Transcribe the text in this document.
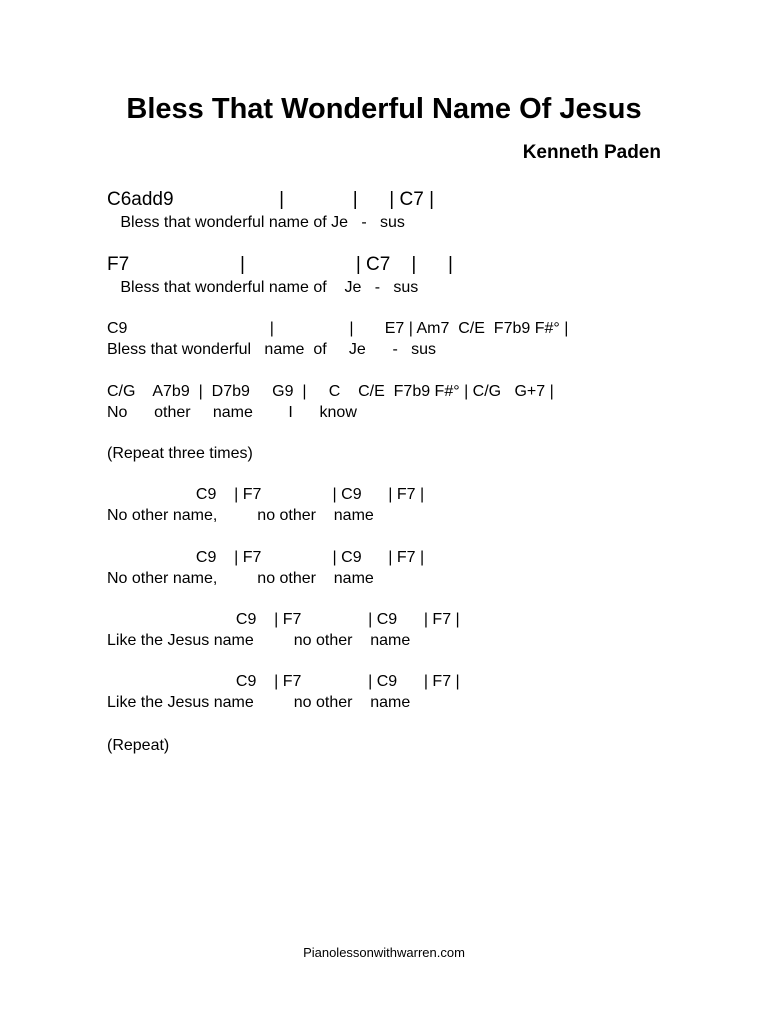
Bless That Wonderful Name Of Jesus
Kenneth Paden
C6add9                    |             |      | C7 |
Bless that wonderful name of Je   -   sus
F7                     |                     | C7    |      |
Bless that wonderful name of    Je   -   sus
C9                                |                 |       E7 | Am7  C/E  F7b9 F#° |
Bless that wonderful   name  of     Je      -   sus
C/G    A7b9  |  D7b9     G9  |     C    C/E  F7b9 F#° | C/G   G+7 |
No      other     name        I      know
(Repeat three times)
C9    | F7                | C9      | F7 |
No other name,         no other    name
C9    | F7                | C9      | F7 |
No other name,         no other    name
C9    | F7               | C9      | F7 |
Like the Jesus name         no other    name
C9    | F7               | C9      | F7 |
Like the Jesus name         no other    name
(Repeat)
Pianolessonwithwarren.com
